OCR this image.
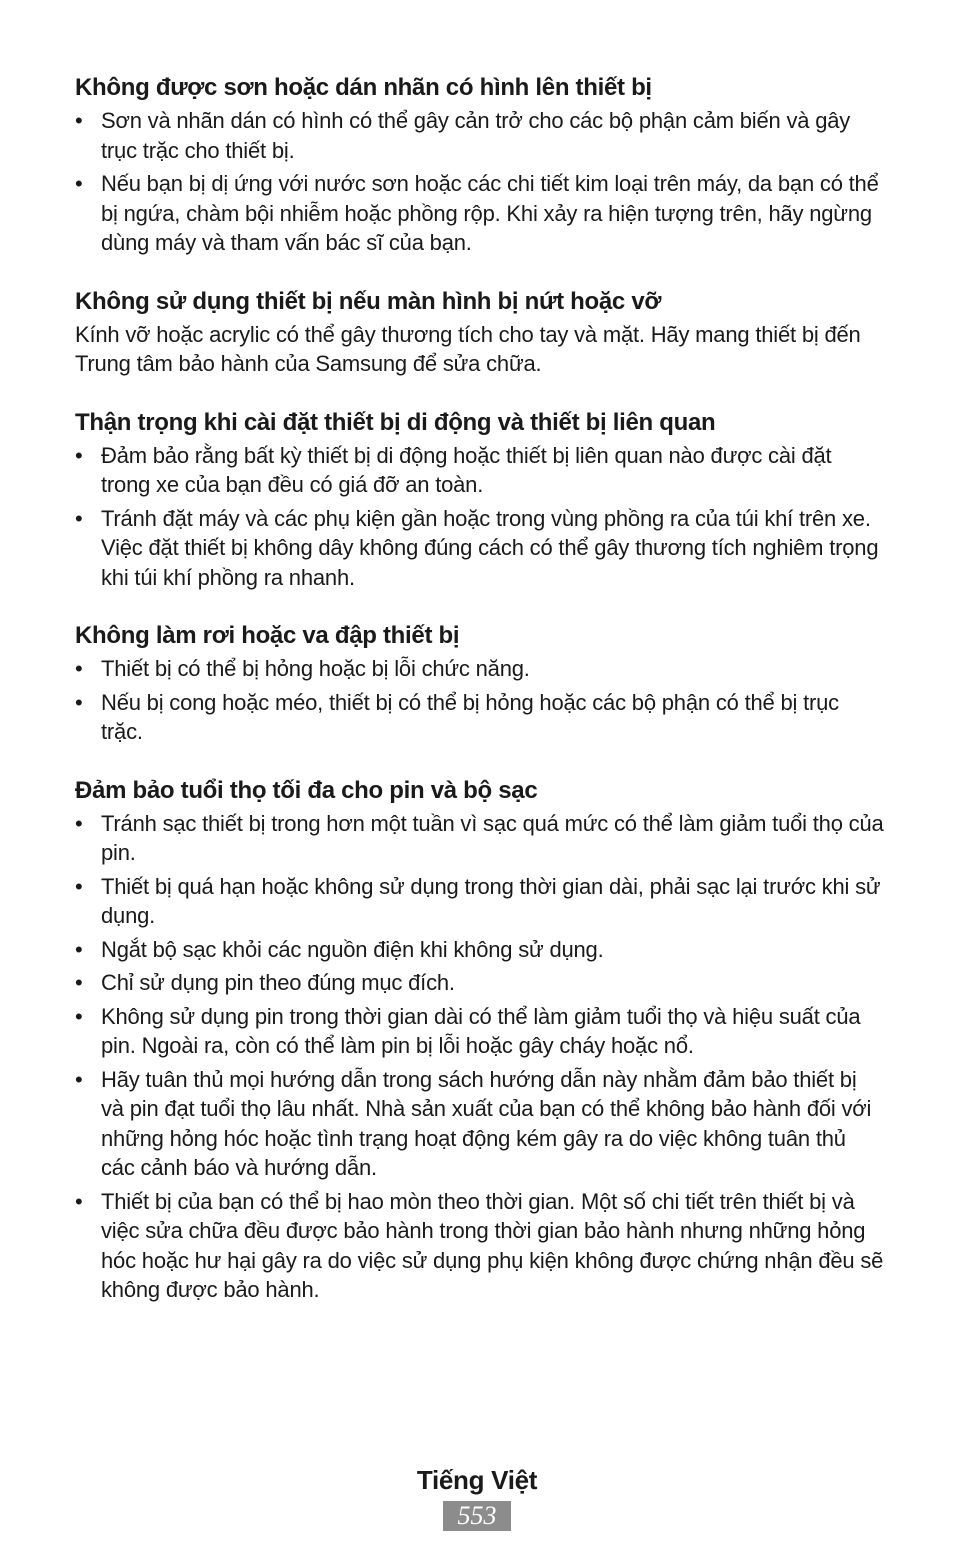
Không được sơn hoặc dán nhãn có hình lên thiết bị
• Sơn và nhãn dán có hình có thể gây cản trở cho các bộ phận cảm biến và gây trục trặc cho thiết bị.
• Nếu bạn bị dị ứng với nước sơn hoặc các chi tiết kim loại trên máy, da bạn có thể bị ngứa, chàm bội nhiễm hoặc phồng rộp. Khi xảy ra hiện tượng trên, hãy ngừng dùng máy và tham vấn bác sĩ của bạn.
Không sử dụng thiết bị nếu màn hình bị nứt hoặc vỡ

Kính vỡ hoặc acrylic có thể gây thương tích cho tay và mặt. Hãy mang thiết bị đến Trung tâm bảo hành của Samsung để sửa chữa.

Thận trọng khi cài đặt thiết bị di động và thiết bị liên quan
• Đảm bảo rằng bất kỳ thiết bị di động hoặc thiết bị liên quan nào được cài đặt trong xe của bạn đều có giá đỡ an toàn.
• Tránh đặt máy và các phụ kiện gần hoặc trong vùng phồng ra của túi khí trên xe. Việc đặt thiết bị không dây không đúng cách có thể gây thương tích nghiêm trọng khi túi khí phồng ra nhanh.
Không làm rơi hoặc va đập thiết bị
• Thiết bị có thể bị hỏng hoặc bị lỗi chức năng.
• Nếu bị cong hoặc méo, thiết bị có thể bị hỏng hoặc các bộ phận có thể bị trục trặc.
Đảm bảo tuổi thọ tối đa cho pin và bộ sạc
• Tránh sạc thiết bị trong hơn một tuần vì sạc quá mức có thể làm giảm tuổi thọ của pin.
• Thiết bị quá hạn hoặc không sử dụng trong thời gian dài, phải sạc lại trước khi sử dụng.
• Ngắt bộ sạc khỏi các nguồn điện khi không sử dụng.
• Chỉ sử dụng pin theo đúng mục đích.
• Không sử dụng pin trong thời gian dài có thể làm giảm tuổi thọ và hiệu suất của pin. Ngoài ra, còn có thể làm pin bị lỗi hoặc gây cháy hoặc nổ.
• Hãy tuân thủ mọi hướng dẫn trong sách hướng dẫn này nhằm đảm bảo thiết bị và pin đạt tuổi thọ lâu nhất. Nhà sản xuất của bạn có thể không bảo hành đối với những hỏng hóc hoặc tình trạng hoạt động kém gây ra do việc không tuân thủ các cảnh báo và hướng dẫn.
• Thiết bị của bạn có thể bị hao mòn theo thời gian. Một số chi tiết trên thiết bị và việc sửa chữa đều được bảo hành trong thời gian bảo hành nhưng những hỏng hóc hoặc hư hại gây ra do việc sử dụng phụ kiện không được chứng nhận đều sẽ không được bảo hành.
Tiếng Việt
553
